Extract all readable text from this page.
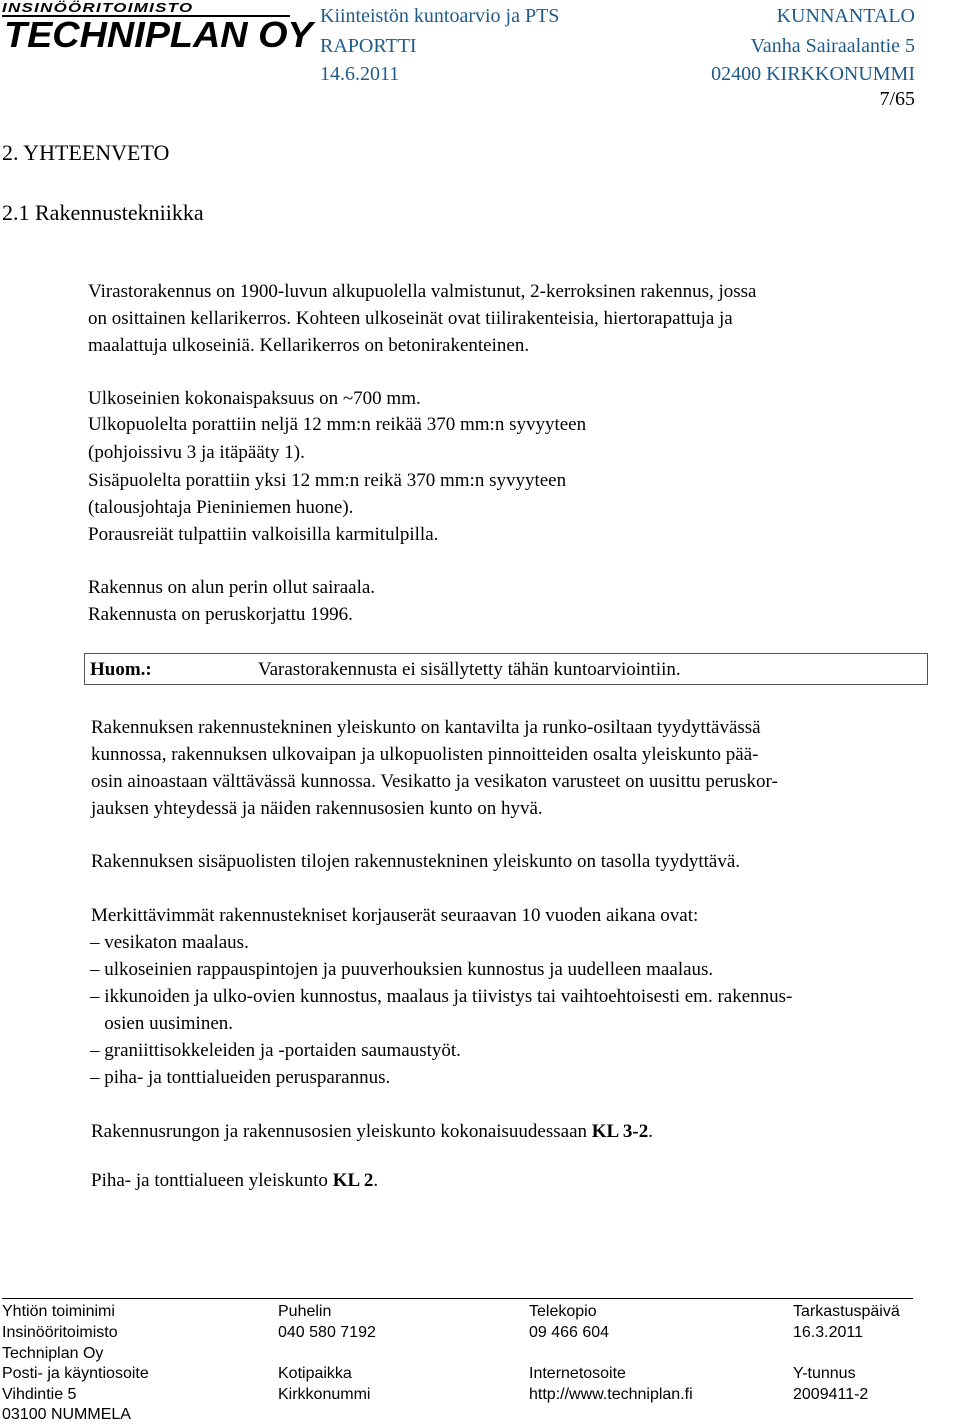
INSINÖÖRITOIMISTO
TECHNIPLAN OY Kiinteistön kuntoarvio ja PTS
RAPORTTI
14.6.2011
KUNNANTALO
Vanha Sairaalantie 5
02400 KIRKKONUMMI
7/65
2. YHTEENVETO
2.1 Rakennustekniikka
Virastorakennus on 1900-luvun alkupuolella valmistunut, 2-kerroksinen rakennus, jossa
on osittainen kellarikerros. Kohteen ulkoseinät ovat tiilirakenteisia, hiertorapattuja ja
maalattuja ulkoseiniä. Kellarikerros on betonirakenteinen.
Ulkoseinien kokonaispaksuus on ~700 mm.
Ulkopuolelta porattiin neljä 12 mm:n reikää 370 mm:n syvyyteen
(pohjoissivu 3 ja itäpääty 1).
Sisäpuolelta porattiin yksi 12 mm:n reikä 370 mm:n syvyyteen
(talousjohtaja Pieniniemen huone).
Porausreiät tulpattiin valkoisilla karmitulpilla.
Rakennus on alun perin ollut sairaala.
Rakennusta on peruskorjattu 1996.
Huom.:	Varastorakennusta ei sisällytetty tähän kuntoarviointiin.
Rakennuksen rakennustekninen yleiskunto on kantavilta ja runko-osiltaan tyydyttävässä
kunnossa, rakennuksen ulkovaipan ja ulkopuolisten pinnoitteiden osalta yleiskunto pää-
osin ainoastaan välttävässä kunnossa. Vesikatto ja vesikaton varusteet on uusittu peruskor-
jauksen yhteydessä ja näiden rakennusosien kunto on hyvä.
Rakennuksen sisäpuolisten tilojen rakennustekninen yleiskunto on tasolla tyydyttävä.
Merkittävimmät rakennustekniset korjauserät seuraavan 10 vuoden aikana ovat:
– vesikaton maalaus.
– ulkoseinien rappauspintojen ja puuverhouksien kunnostus ja uudelleen maalaus.
– ikkunoiden ja ulko-ovien kunnostus, maalaus ja tiivistys tai vaihtoehtoisesti em. rakennus-
osien uusiminen.
– graniittisokkeleiden ja -portaiden saumaustyöt.
– piha- ja tonttialueiden perusparannus.
Rakennusrungon ja rakennusosien yleiskunto kokonaisuudessaan KL 3-2.
Piha- ja tonttialueen yleiskunto KL 2.
Yhtiön toiminimi
Insinööritoimisto
Techniplan Oy
Posti- ja käyntiosoite
Vihdintie 5
03100 NUMMELA
Puhelin
040 580 7192
Kotipaikka
Kirkkonummi
Telekopio
09 466 604
Internetosoite
http://www.techniplan.fi
Tarkastuspäivä
16.3.2011
Y-tunnus
2009411-2
